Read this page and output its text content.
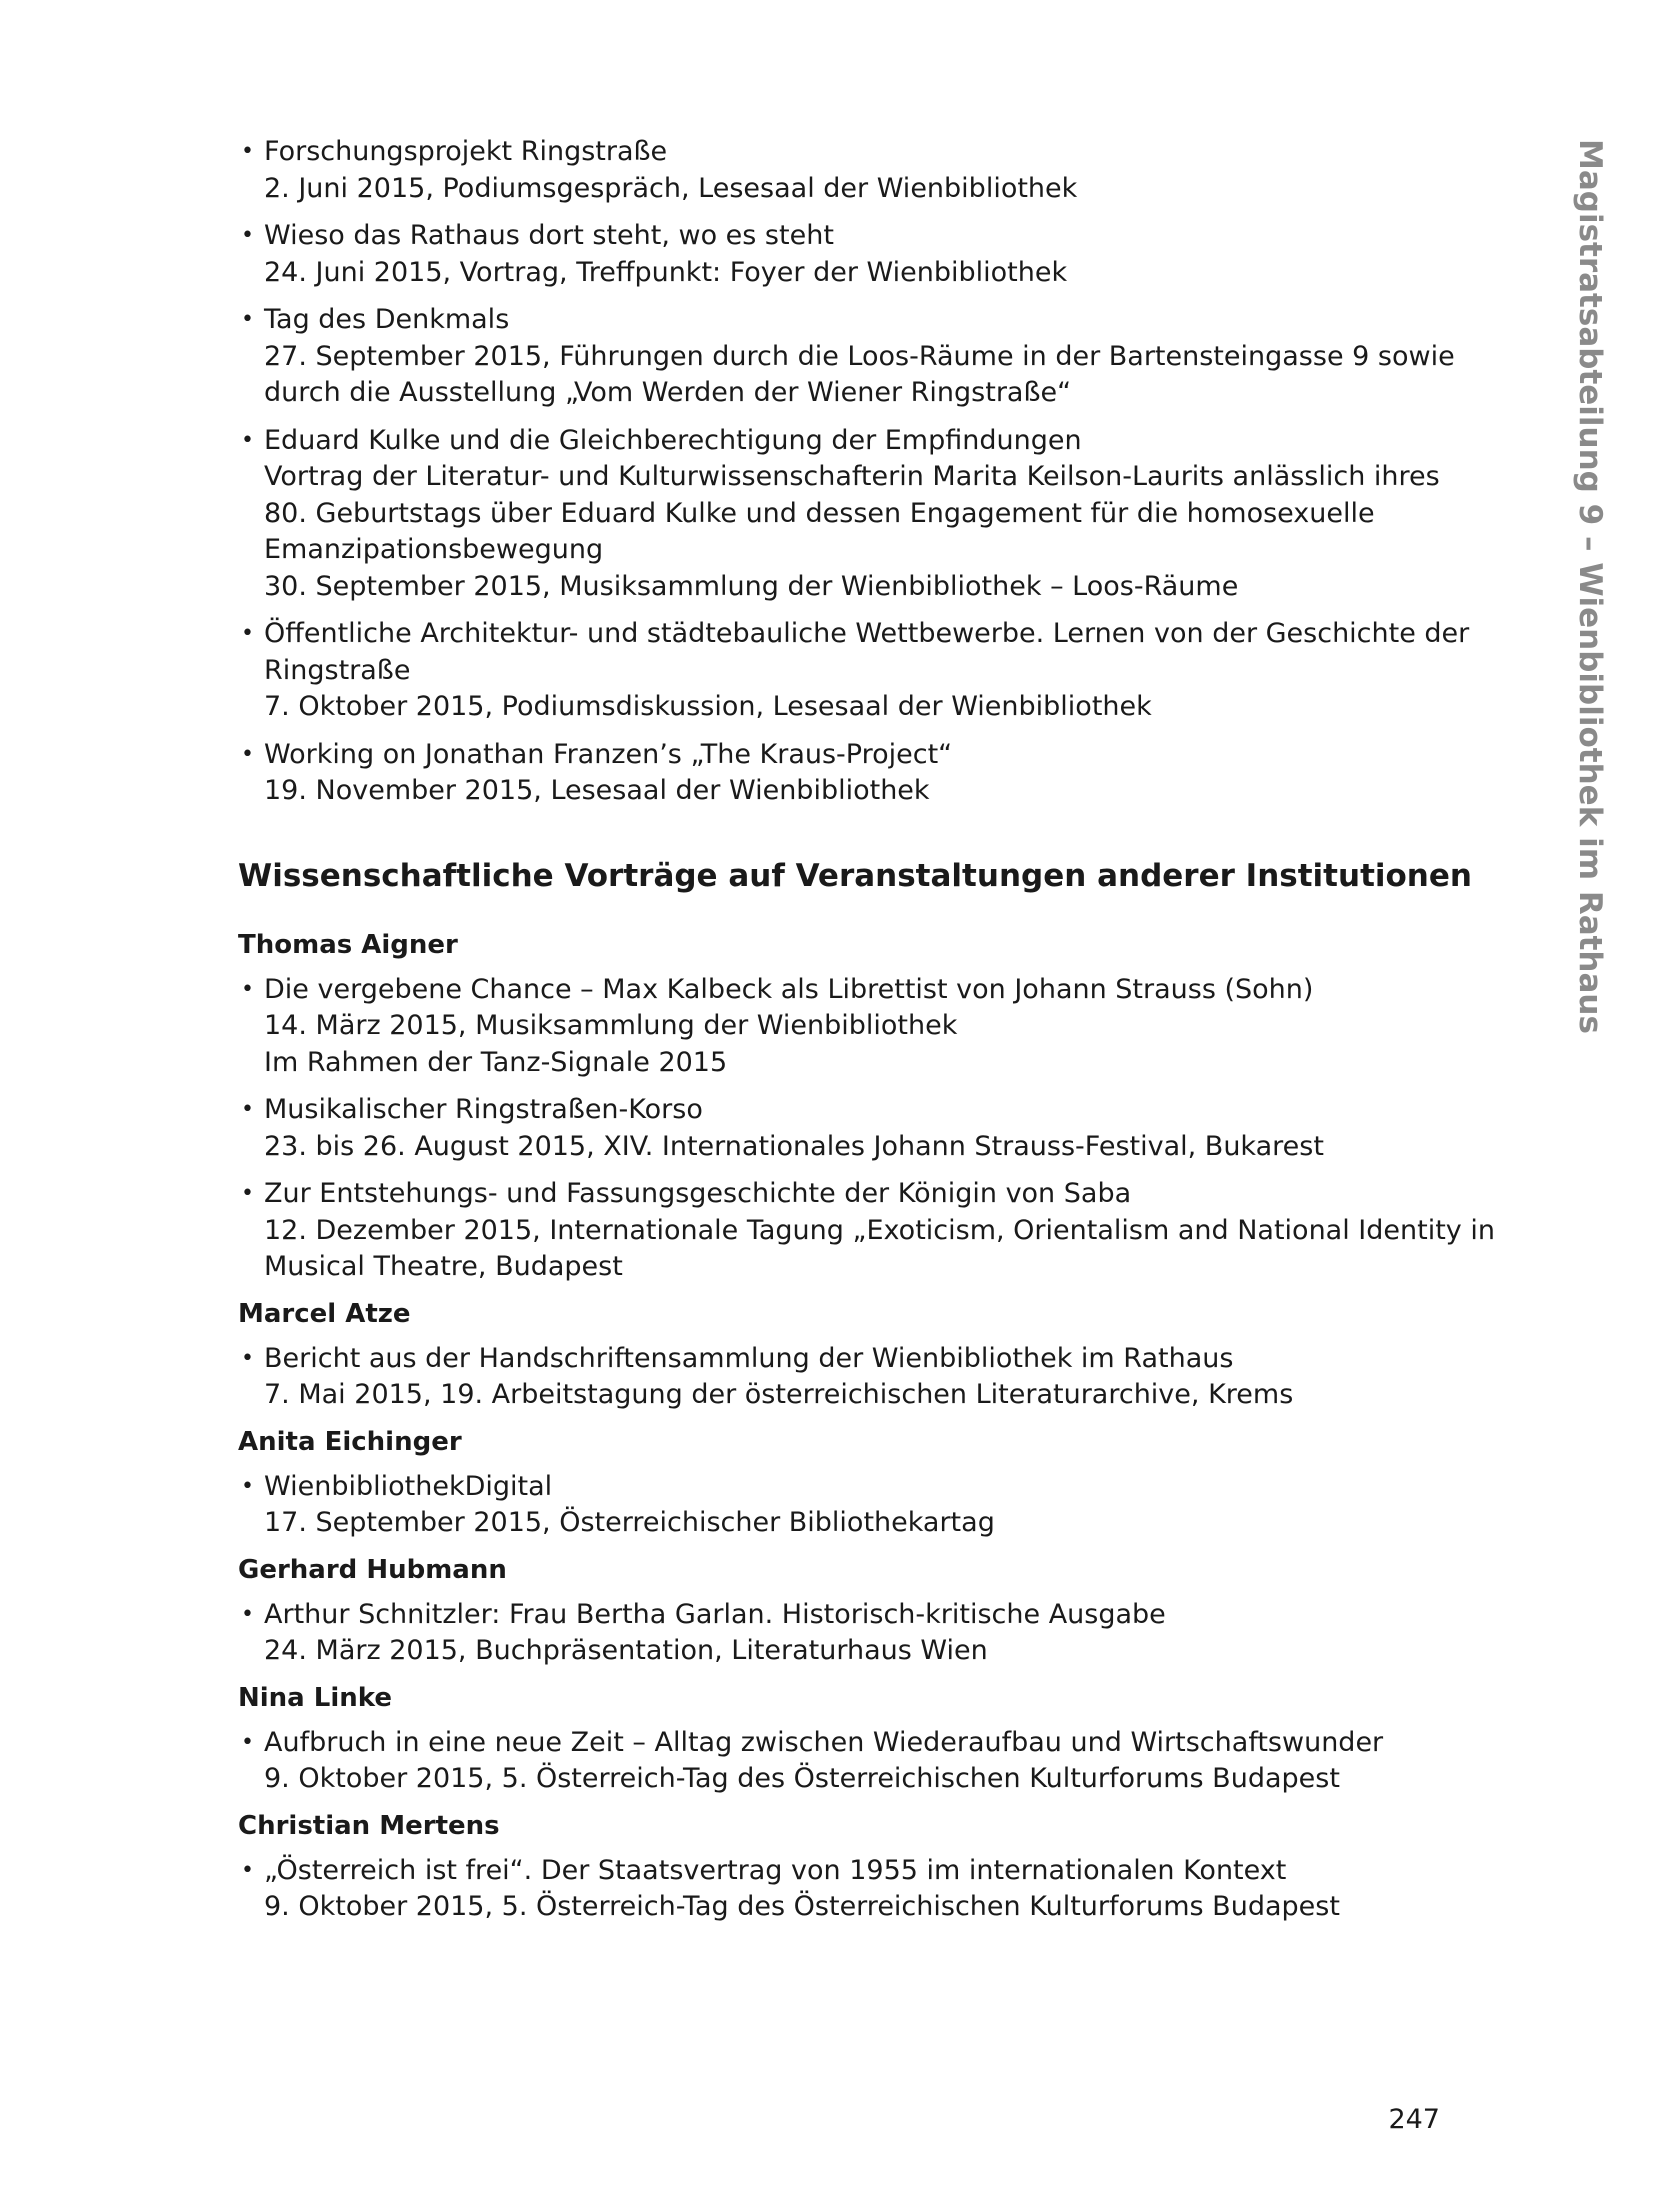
Magistratsabteilung 9 – Wienbibliothek im Rathaus
• Forschungsprojekt Ringstraße
2. Juni 2015, Podiumsgespräch, Lesesaal der Wienbibliothek
• Wieso das Rathaus dort steht, wo es steht
24. Juni 2015, Vortrag, Treffpunkt: Foyer der Wienbibliothek
• Tag des Denkmals
27. September 2015, Führungen durch die Loos-Räume in der Bartensteingasse 9 sowie
durch die Ausstellung „Vom Werden der Wiener Ringstraße“
• Eduard Kulke und die Gleichberechtigung der Empfindungen
Vortrag der Literatur- und Kulturwissenschafterin Marita Keilson-Laurits anlässlich ihres
80. Geburtstags über Eduard Kulke und dessen Engagement für die homosexuelle
Emanzipationsbewegung
30. September 2015, Musiksammlung der Wienbibliothek – Loos-Räume
• Öffentliche Architektur- und städtebauliche Wettbewerbe. Lernen von der Geschichte der
Ringstraße
7. Oktober 2015, Podiumsdiskussion, Lesesaal der Wienbibliothek
• Working on Jonathan Franzen’s „The Kraus-Project“
19. November 2015, Lesesaal der Wienbibliothek
Wissenschaftliche Vorträge auf Veranstaltungen anderer Institutionen
Thomas Aigner
• Die vergebene Chance – Max Kalbeck als Librettist von Johann Strauss (Sohn)
14. März 2015, Musiksammlung der Wienbibliothek
Im Rahmen der Tanz-Signale 2015
• Musikalischer Ringstraßen-Korso
23. bis 26. August 2015, XIV. Internationales Johann Strauss-Festival, Bukarest
• Zur Entstehungs- und Fassungsgeschichte der Königin von Saba
12. Dezember 2015, Internationale Tagung „Exoticism, Orientalism and National Identity in
Musical Theatre, Budapest
Marcel Atze
• Bericht aus der Handschriftensammlung der Wienbibliothek im Rathaus
7. Mai 2015, 19. Arbeitstagung der österreichischen Literaturarchive, Krems
Anita Eichinger
• WienbibliothekDigital
17. September 2015, Österreichischer Bibliothekartag
Gerhard Hubmann
• Arthur Schnitzler: Frau Bertha Garlan. Historisch-kritische Ausgabe
24. März 2015, Buchpräsentation, Literaturhaus Wien
Nina Linke
• Aufbruch in eine neue Zeit – Alltag zwischen Wiederaufbau und Wirtschaftswunder
9. Oktober 2015, 5. Österreich-Tag des Österreichischen Kulturforums Budapest
Christian Mertens
• „Österreich ist frei“. Der Staatsvertrag von 1955 im internationalen Kontext
9. Oktober 2015, 5. Österreich-Tag des Österreichischen Kulturforums Budapest
247
